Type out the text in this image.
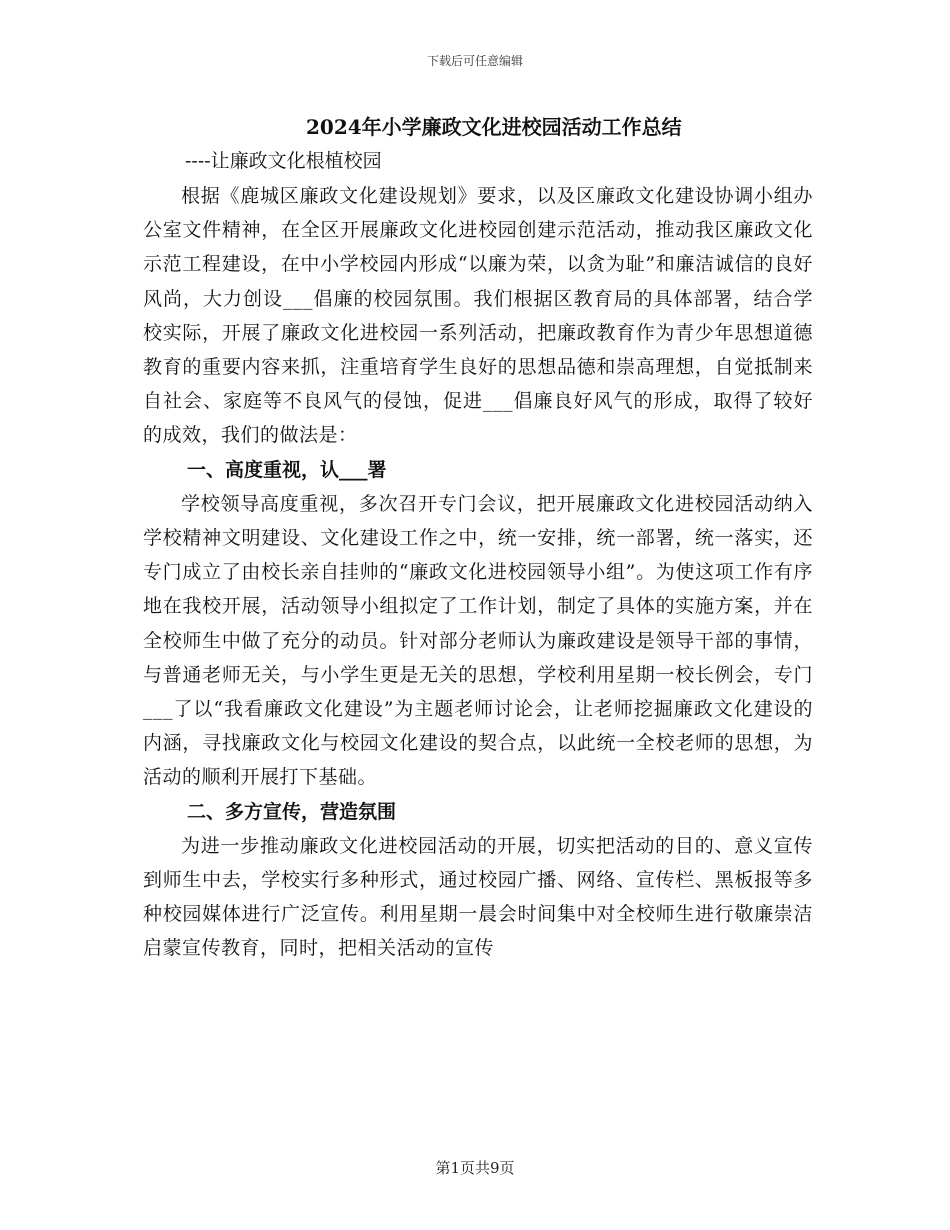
下载后可任意编辑
2024年小学廉政文化进校园活动工作总结

----让廉政文化根植校园

根据《鹿城区廉政文化建设规划》要求，以及区廉政文化建设协调小组办公室文件精神，在全区开展廉政文化进校园创建示范活动，推动我区廉政文化示范工程建设，在中小学校园内形成“以廉为荣，以贪为耻”和廉洁诚信的良好风尚，大力创设___倡廉的校园氛围。我们根据区教育局的具体部署，结合学校实际，开展了廉政文化进校园一系列活动，把廉政教育作为青少年思想道德教育的重要内容来抓，注重培育学生良好的思想品德和崇高理想，自觉抵制来自社会、家庭等不良风气的侵蚀，促进___倡廉良好风气的形成，取得了较好的成效，我们的做法是：

一、高度重视，认___署

学校领导高度重视，多次召开专门会议，把开展廉政文化进校园活动纳入学校精神文明建设、文化建设工作之中，统一安排，统一部署，统一落实，还专门成立了由校长亲自挂帅的“廉政文化进校园领导小组”。为使这项工作有序地在我校开展，活动领导小组拟定了工作计划，制定了具体的实施方案，并在全校师生中做了充分的动员。针对部分老师认为廉政建设是领导干部的事情，与普通老师无关，与小学生更是无关的思想，学校利用星期一校长例会，专门___了以“我看廉政文化建设”为主题老师讨论会，让老师挖掘廉政文化建设的内涵，寻找廉政文化与校园文化建设的契合点，以此统一全校老师的思想，为活动的顺利开展打下基础。

二、多方宣传，营造氛围

为进一步推动廉政文化进校园活动的开展，切实把活动的目的、意义宣传到师生中去，学校实行多种形式，通过校园广播、网络、宣传栏、黑板报等多种校园媒体进行广泛宣传。利用星期一晨会时间集中对全校师生进行敬廉崇洁启蒙宣传教育，同时，把相关活动的宣传

第1页共9页
